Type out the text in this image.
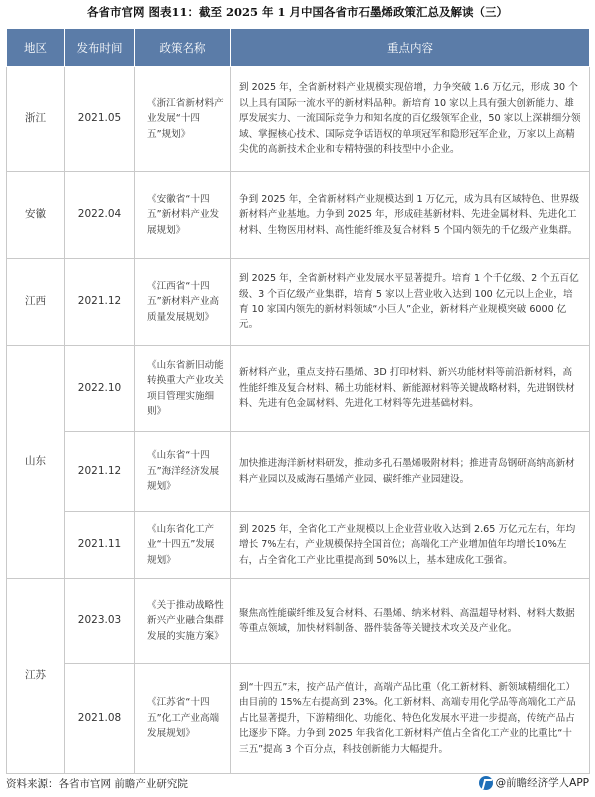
各省市官网 图表11：截至 2025 年 1 月中国各省市石墨烯政策汇总及解读（三）
地区	发布时间	政策名称	重点内容
浙江	2021.05	《浙江省新材料产业发展“十四五”规划》	到 2025 年，全省新材料产业规模实现倍增，力争突破 1.6 万亿元，形成 30 个以上具有国际一流水平的新材料品种。新培育 10 家以上具有强大创新能力、雄厚发展实力、一流国际竞争力和知名度的百亿级领军企业，50 家以上深耕细分领域、掌握核心技术、国际竞争话语权的单项冠军和隐形冠军企业，万家以上高精尖优的高新技术企业和专精特强的科技型中小企业。
安徽	2022.04	《安徽省“十四五”新材料产业发展规划》	争到 2025 年，全省新材料产业规模达到 1 万亿元，成为具有区域特色、世界级新材料产业基地。力争到 2025 年，形成硅基新材料、先进金属材料、先进化工材料、生物医用材料、高性能纤维及复合材料 5 个国内领先的千亿级产业集群。
江西	2021.12	《江西省“十四五”新材料产业高质量发展规划》	到 2025 年，全省新材料产业发展水平显著提升。培育 1 个千亿级、2 个五百亿级、3 个百亿级产业集群，培育 5 家以上营业收入达到 100 亿元以上企业，培育 10 家国内领先的新材料领域“小巨人”企业，新材料产业规模突破 6000 亿元。
山东	2022.10	《山东省新旧动能转换重大产业攻关项目管理实施细则》	新材料产业，重点支持石墨烯、3D 打印材料、新兴功能材料等前沿新材料，高性能纤维及复合材料、稀土功能材料、新能源材料等关键战略材料，先进钢铁材料、先进有色金属材料、先进化工材料等先进基础材料。
	2021.12	《山东省“十四五”海洋经济发展规划》	加快推进海洋新材料研发，推动多孔石墨烯吸附材料；推进青岛钢研高纳高新材料产业园以及威海石墨烯产业园、碳纤维产业园建设。
	2021.11	《山东省化工产业“十四五”发展规划》	到 2025 年，全省化工产业规模以上企业营业收入达到 2.65 万亿元左右，年均增长 7%左右，产业规模保持全国首位；高端化工产业增加值年均增长10%左右，占全省化工产业比重提高到 50%以上，基本建成化工强省。
江苏	2023.03	《关于推动战略性新兴产业融合集群发展的实施方案》	聚焦高性能碳纤维及复合材料、石墨烯、纳米材料、高温超导材料、材料大数据等重点领域，加快材料制备、器件装备等关键技术攻关及产业化。
	2021.08	《江苏省“十四五”化工产业高端发展规划》	到“十四五”末，按产品产值计，高端产品比重（化工新材料、新领域精细化工）由目前的 15%左右提高到 23%。化工新材料、高端专用化学品等高端化工产品占比显著提升，下游精细化、功能化、特色化发展水平进一步提高，传统产品占比逐步下降。力争到 2025 年我省化工新材料产值占全省化工产业的比重比“十三五”提高 3 个百分点，科技创新能力大幅提升。
资料来源：各省市官网 前瞻产业研究院	@前瞻经济学人APP
